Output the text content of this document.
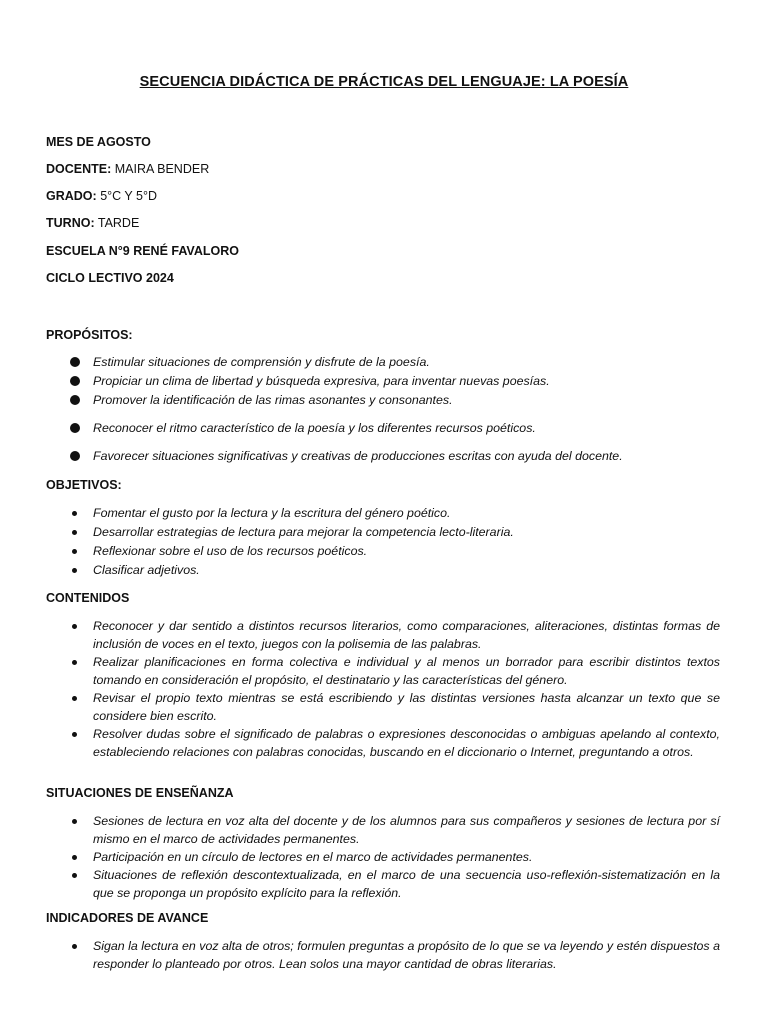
SECUENCIA DIDÁCTICA DE PRÁCTICAS DEL LENGUAJE: LA POESÍA
MES DE AGOSTO
DOCENTE: MAIRA BENDER
GRADO: 5°C Y 5°D
TURNO: TARDE
ESCUELA N°9 RENÉ FAVALORO
CICLO LECTIVO 2024
PROPÓSITOS:
Estimular situaciones de comprensión y disfrute de la poesía.
Propiciar un clima de libertad y búsqueda expresiva, para inventar nuevas poesías.
Promover la identificación de las rimas asonantes y consonantes.
Reconocer el ritmo característico de la poesía y los diferentes recursos poéticos.
Favorecer situaciones significativas y creativas de producciones escritas con ayuda del docente.
OBJETIVOS:
Fomentar el gusto por la lectura y la escritura del género poético.
Desarrollar estrategias de lectura para mejorar la competencia lecto-literaria.
Reflexionar sobre el uso de los recursos poéticos.
Clasificar adjetivos.
CONTENIDOS
Reconocer y dar sentido a distintos recursos literarios, como comparaciones, aliteraciones, distintas formas de inclusión de voces en el texto, juegos con la polisemia de las palabras.
Realizar planificaciones en forma colectiva e individual y al menos un borrador para escribir distintos textos tomando en consideración el propósito, el destinatario y las características del género.
Revisar el propio texto mientras se está escribiendo y las distintas versiones hasta alcanzar un texto que se considere bien escrito.
Resolver dudas sobre el significado de palabras o expresiones desconocidas o ambiguas apelando al contexto, estableciendo relaciones con palabras conocidas, buscando en el diccionario o Internet, preguntando a otros.
SITUACIONES DE ENSEÑANZA
Sesiones de lectura en voz alta del docente y de los alumnos para sus compañeros y sesiones de lectura por sí mismo en el marco de actividades permanentes.
Participación en un círculo de lectores en el marco de actividades permanentes.
Situaciones de reflexión descontextualizada, en el marco de una secuencia uso-reflexión-sistematización en la que se proponga un propósito explícito para la reflexión.
INDICADORES DE AVANCE
Sigan la lectura en voz alta de otros; formulen preguntas a propósito de lo que se va leyendo y estén dispuestos a responder lo planteado por otros. Lean solos una mayor cantidad de obras literarias.
